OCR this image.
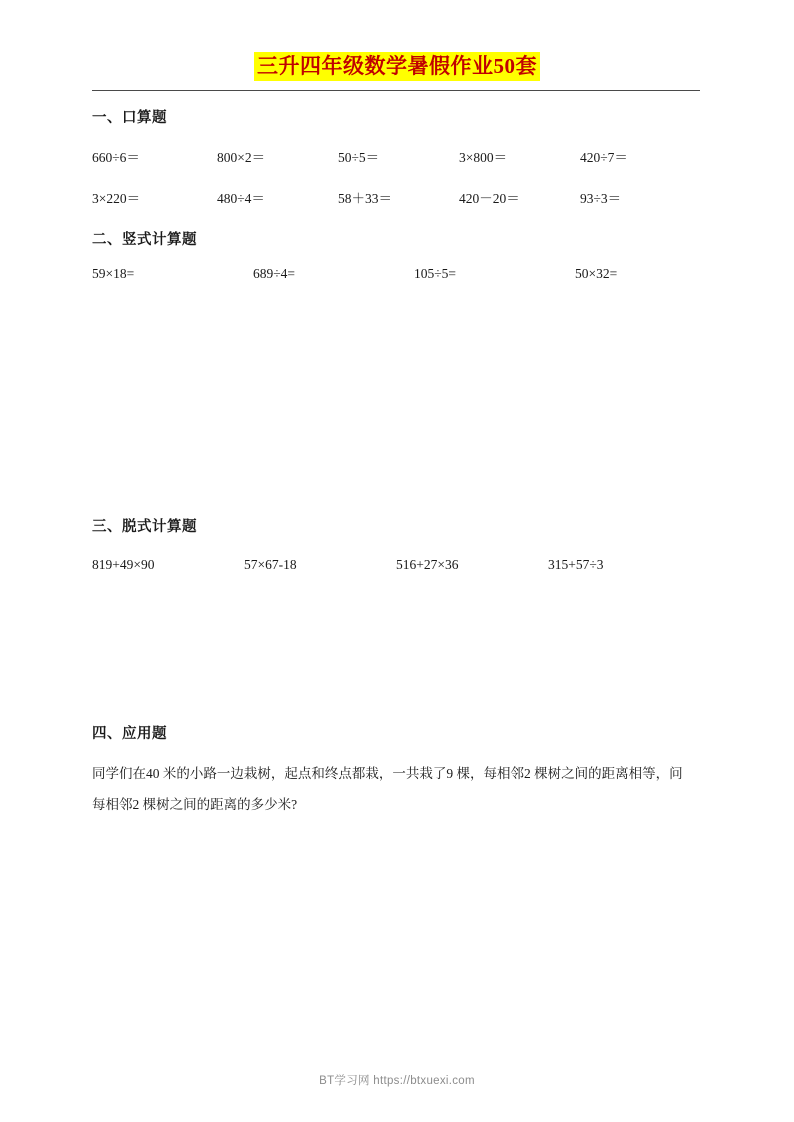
三升四年级数学暑假作业50套
一、口算题
660÷6＝	800×2＝	50÷5＝	3×800＝	420÷7＝
3×220＝	480÷4＝	58＋33＝	420－20＝	93÷3＝
二、竖式计算题
59×18=	689÷4=	105÷5=	50×32=
三、脱式计算题
819+49×90	57×67-18	516+27×36	315+57÷3
四、应用题
同学们在40 米的小路一边栽树，起点和终点都栽，一共栽了9 棵，每相邻2 棵树之间的距离相等，问每相邻2 棵树之间的距离的多少米?
BT学习网 https://btxuexi.com
